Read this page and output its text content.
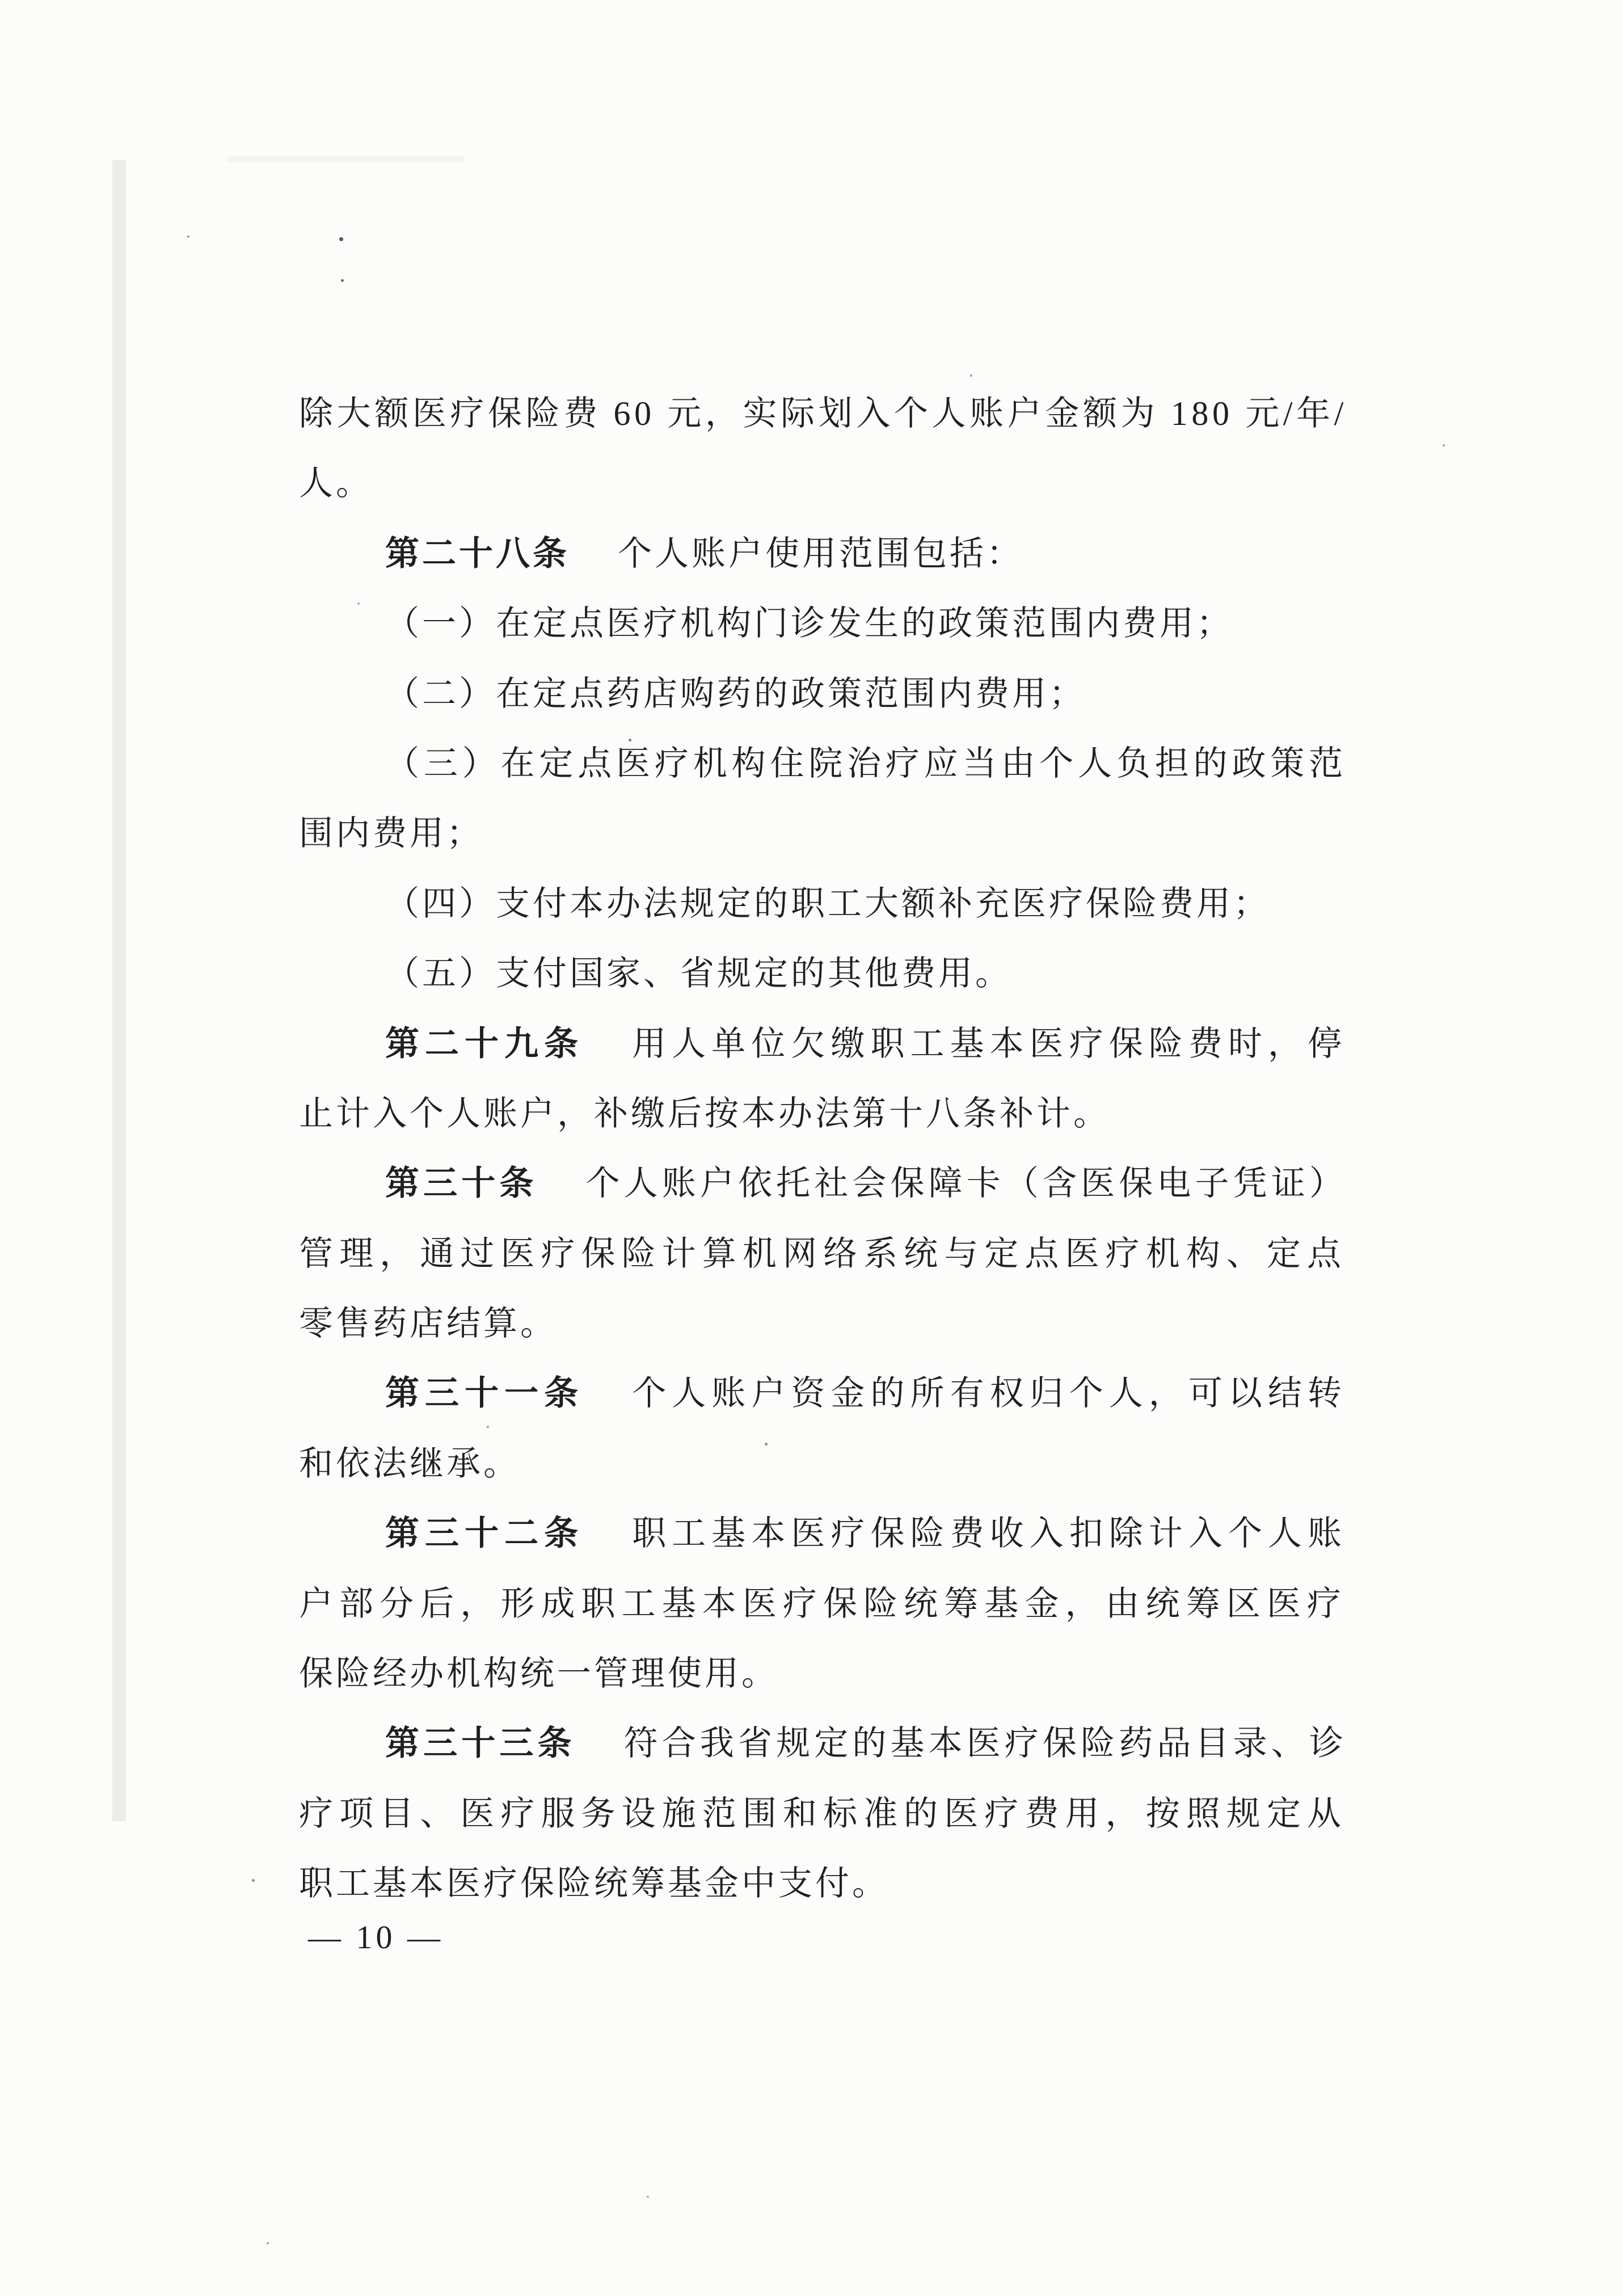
除大额医疗保险费 60 元，实际划入个人账户金额为 180 元/年/
人。
第二十八条 个人账户使用范围包括：
（一）在定点医疗机构门诊发生的政策范围内费用；
（二）在定点药店购药的政策范围内费用；
（三）在定点医疗机构住院治疗应当由个人负担的政策范
围内费用；
（四）支付本办法规定的职工大额补充医疗保险费用；
（五）支付国家、省规定的其他费用。
第二十九条 用人单位欠缴职工基本医疗保险费时，停
止计入个人账户，补缴后按本办法第十八条补计。
第三十条 个人账户依托社会保障卡（含医保电子凭证）
管理，通过医疗保险计算机网络系统与定点医疗机构、定点
零售药店结算。
第三十一条 个人账户资金的所有权归个人，可以结转
和依法继承。
第三十二条 职工基本医疗保险费收入扣除计入个人账
户部分后，形成职工基本医疗保险统筹基金，由统筹区医疗
保险经办机构统一管理使用。
第三十三条 符合我省规定的基本医疗保险药品目录、诊
疗项目、医疗服务设施范围和标准的医疗费用，按照规定从
职工基本医疗保险统筹基金中支付。
— 10 —
